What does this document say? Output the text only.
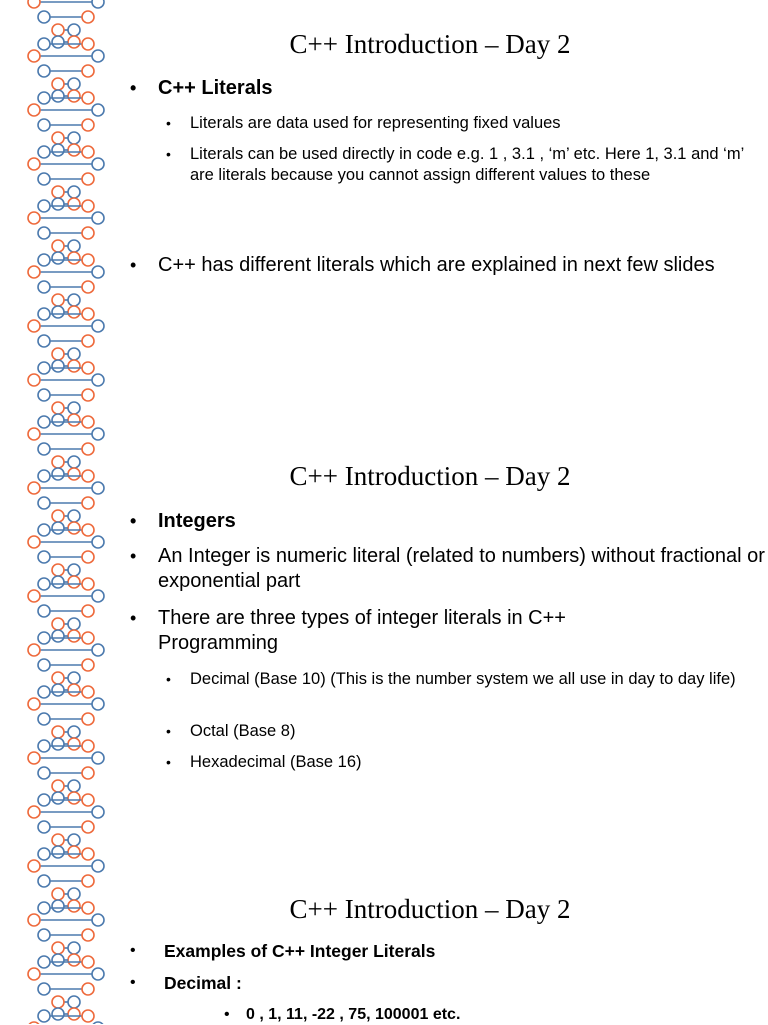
C++ Introduction – Day 2
• C++ Literals
• Literals are data used for representing fixed values
• Literals can be used directly in code e.g. 1 , 3.1 , ‘m’ etc. Here 1, 3.1 and ‘m’ are literals because you cannot assign different values to these
• C++ has different literals which are explained in next few slides
C++ Introduction – Day 2
• Integers
• An Integer is numeric literal (related to numbers) without fractional or exponential part
• There are three types of integer literals in C++ Programming
• Decimal (Base 10) (This is the number system we all use in day to day life)
• Octal (Base 8)
• Hexadecimal (Base 16)
C++ Introduction – Day 2
• Examples of C++ Integer Literals
• Decimal :
• 0 , 1, 11, -22 , 75, 100001 etc.
